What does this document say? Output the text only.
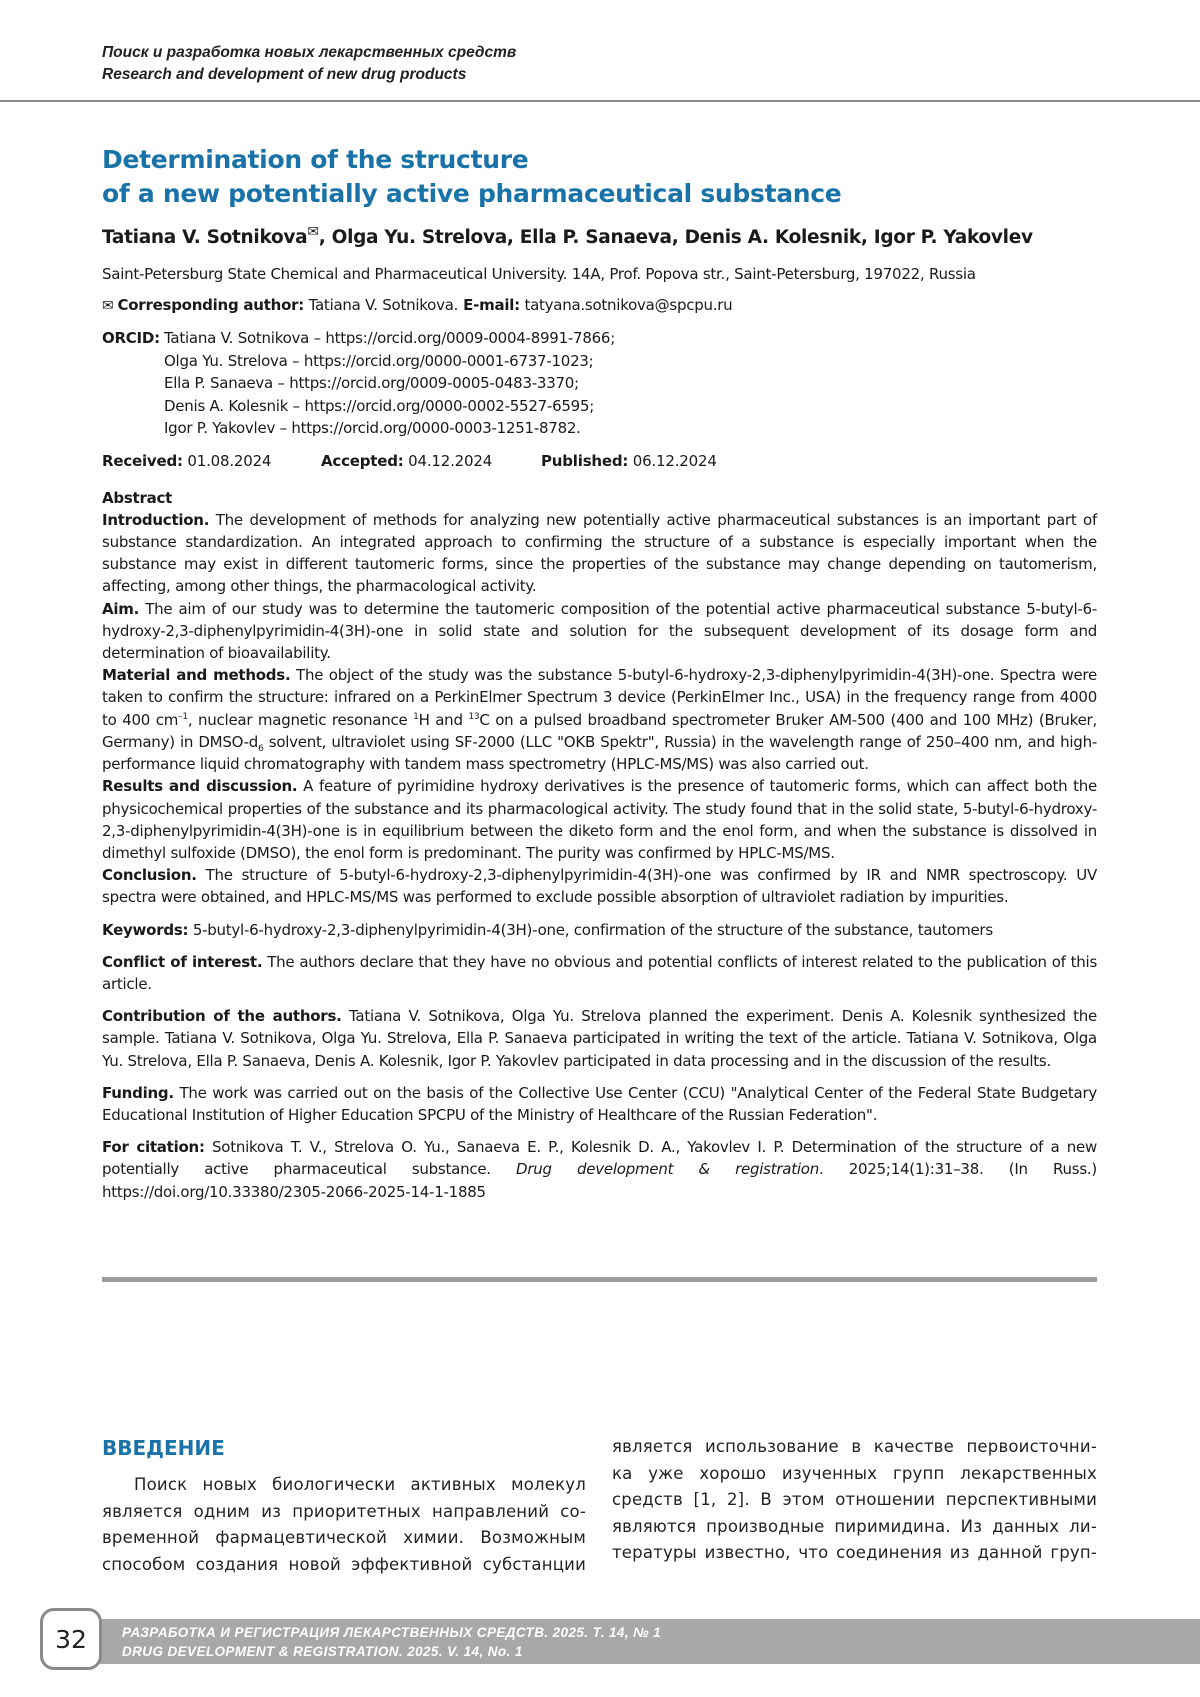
Поиск и разработка новых лекарственных средств
Research and development of new drug products
Determination of the structure
of a new potentially active pharmaceutical substance
Tatiana V. Sotnikova✉, Olga Yu. Strelova, Ella P. Sanaeva, Denis A. Kolesnik, Igor P. Yakovlev
Saint-Petersburg State Chemical and Pharmaceutical University. 14A, Prof. Popova str., Saint-Petersburg, 197022, Russia
✉ Corresponding author: Tatiana V. Sotnikova. E-mail: tatyana.sotnikova@spcpu.ru
ORCID: Tatiana V. Sotnikova – https://orcid.org/0009-0004-8991-7866;
Olga Yu. Strelova – https://orcid.org/0000-0001-6737-1023;
Ella P. Sanaeva – https://orcid.org/0009-0005-0483-3370;
Denis A. Kolesnik – https://orcid.org/0000-0002-5527-6595;
Igor P. Yakovlev – https://orcid.org/0000-0003-1251-8782.
Received: 01.08.2024	Accepted: 04.12.2024	Published: 06.12.2024

Abstract

Introduction. The development of methods for analyzing new potentially active pharmaceutical substances is an important part of substance standardization. An integrated approach to confirming the structure of a substance is especially important when the substance may exist in different tautomeric forms, since the properties of the substance may change depending on tautomerism, affecting, among other things, the pharmacological activity.

Aim. The aim of our study was to determine the tautomeric composition of the potential active pharmaceutical substance 5-butyl-6-hydroxy-2,3-diphenylpyrimidin-4(3H)-one in solid state and solution for the subsequent development of its dosage form and determination of bioavailability.

Material and methods. The object of the study was the substance 5-butyl-6-hydroxy-2,3-diphenylpyrimidin-4(3H)-one. Spectra were taken to confirm the structure: infrared on a PerkinElmer Spectrum 3 device (PerkinElmer Inc., USA) in the frequency range from 4000 to 400 $cm^{-1}$, nuclear magnetic resonance $^1$H and $^{13}$C on a pulsed broadband spectrometer Bruker AM-500 (400 and 100 MHz) (Bruker, Germany) in DMSO-$d_6$ solvent, ultraviolet using SF-2000 (LLC "OKB Spektr", Russia) in the wavelength range of 250–400 nm, and high-performance liquid chromatography with tandem mass spectrometry (HPLC-MS/MS) was also carried out.

Results and discussion. A feature of pyrimidine hydroxy derivatives is the presence of tautomeric forms, which can affect both the physicochemical properties of the substance and its pharmacological activity. The study found that in the solid state, 5-butyl-6-hydroxy-2,3-diphenylpyrimidin-4(3H)-one is in equilibrium between the diketo form and the enol form, and when the substance is dissolved in dimethyl sulfoxide (DMSO), the enol form is predominant. The purity was confirmed by HPLC-MS/MS.

Conclusion. The structure of 5-butyl-6-hydroxy-2,3-diphenylpyrimidin-4(3H)-one was confirmed by IR and NMR spectroscopy. UV spectra were obtained, and HPLC-MS/MS was performed to exclude possible absorption of ultraviolet radiation by impurities.

Keywords: 5-butyl-6-hydroxy-2,3-diphenylpyrimidin-4(3H)-one, confirmation of the structure of the substance, tautomers
Conflict of interest. The authors declare that they have no obvious and potential conflicts of interest related to the publication of this article.
Contribution of the authors. Tatiana V. Sotnikova, Olga Yu. Strelova planned the experiment. Denis A. Kolesnik synthesized the sample. Tatiana V. Sotnikova, Olga Yu. Strelova, Ella P. Sanaeva participated in writing the text of the article. Tatiana V. Sotnikova, Olga Yu. Strelova, Ella P. Sanaeva, Denis A. Kolesnik, Igor P. Yakovlev participated in data processing and in the discussion of the results.
Funding. The work was carried out on the basis of the Collective Use Center (CCU) "Analytical Center of the Federal State Budgetary Educational Institution of Higher Education SPCPU of the Ministry of Healthcare of the Russian Federation".
For citation: Sotnikova T. V., Strelova O. Yu., Sanaeva E. P., Kolesnik D. A., Yakovlev I. P. Determination of the structure of a new potentially active pharmaceutical substance. Drug development & registration. 2025;14(1):31–38. (In Russ.) https://doi.org/10.33380/2305-2066-2025-14-1-1885
ВВЕДЕНИЕ
Поиск новых биологически активных молекул
является одним из приоритетных направлений со-
временной фармацевтической химии. Возможным
способом создания новой эффективной субстанции
является использование в качестве первоисточни-
ка уже хорошо изученных групп лекарственных
средств [1, 2]. В этом отношении перспективными
являются производные пиримидина. Из данных ли-
тературы известно, что соединения из данной груп-
РАЗРАБОТКА И РЕГИСТРАЦИЯ ЛЕКАРСТВЕННЫХ СРЕДСТВ. 2025. Т. 14, № 1
DRUG DEVELOPMENT & REGISTRATION. 2025. V. 14, No. 1
32
